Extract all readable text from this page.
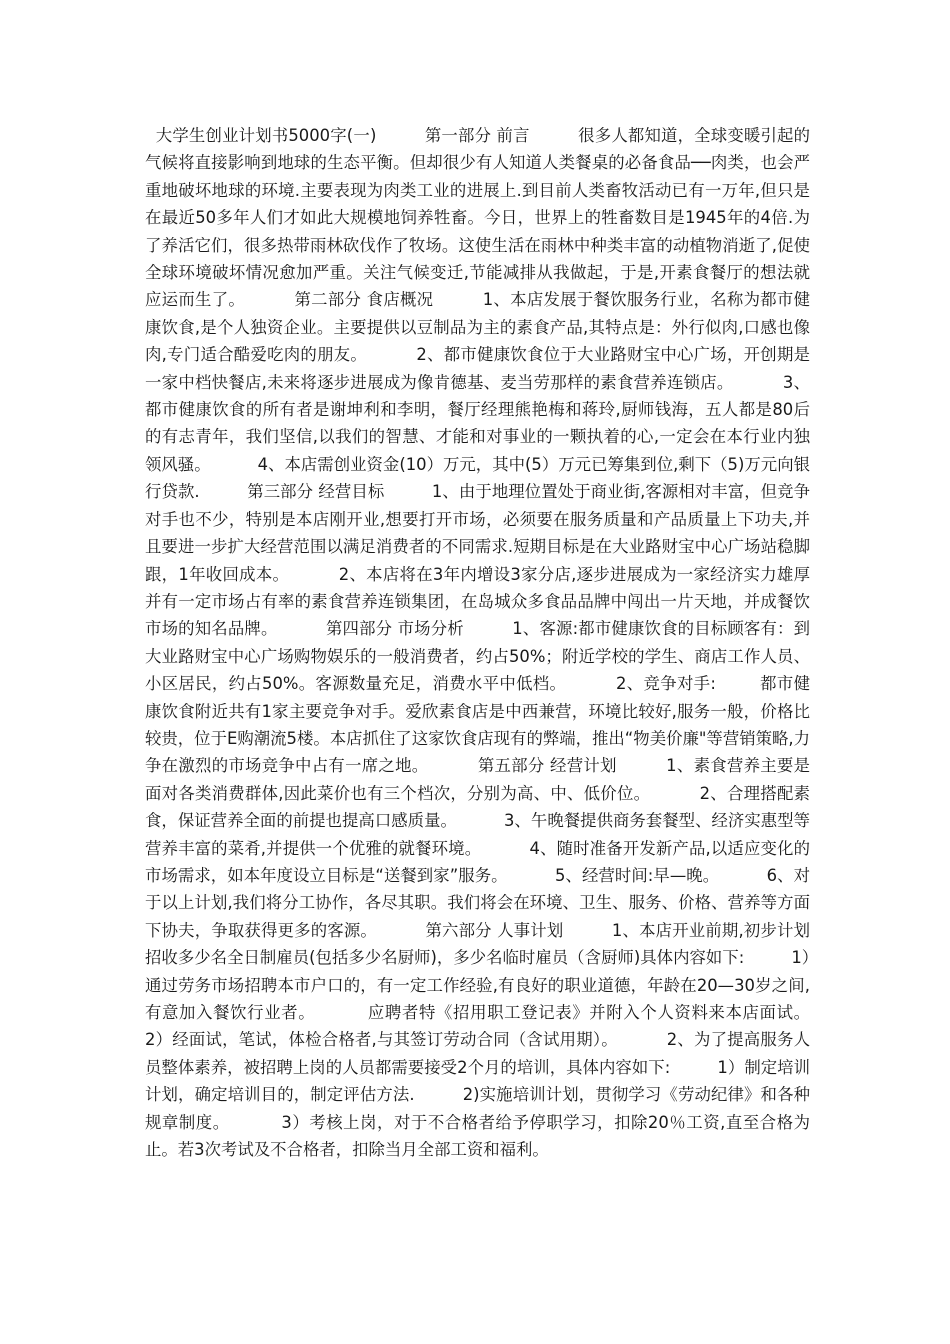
大学生创业计划书5000字(一)         第一部分 前言         很多人都知道，全球变暖引起的气候将直接影响到地球的生态平衡。但却很少有人知道人类餐桌的必备食品──肉类，也会严重地破坏地球的环境.主要表现为肉类工业的进展上.到目前人类畜牧活动已有一万年,但只是在最近50多年人们才如此大规模地饲养牲畜。今日，世界上的牲畜数目是1945年的4倍.为了养活它们，很多热带雨林砍伐作了牧场。这使生活在雨林中种类丰富的动植物消逝了,促使全球环境破坏情况愈加严重。关注气候变迁,节能减排从我做起，于是,开素食餐厅的想法就应运而生了。         第二部分 食店概况         1、本店发展于餐饮服务行业，名称为都市健康饮食,是个人独资企业。主要提供以豆制品为主的素食产品,其特点是：外行似肉,口感也像肉,专门适合酷爱吃肉的朋友。         2、都市健康饮食位于大业路财宝中心广场，开创期是一家中档快餐店,未来将逐步进展成为像肯德基、麦当劳那样的素食营养连锁店。         3、都市健康饮食的所有者是谢坤利和李明，餐厅经理熊艳梅和蒋玲,厨师钱海，五人都是80后的有志青年，我们坚信,以我们的智慧、才能和对事业的一颗执着的心,一定会在本行业内独领风骚。         4、本店需创业资金(10）万元，其中(5）万元已筹集到位,剩下（5)万元向银行贷款.         第三部分 经营目标         1、由于地理位置处于商业街,客源相对丰富，但竞争对手也不少，特别是本店刚开业,想要打开市场，必须要在服务质量和产品质量上下功夫,并且要进一步扩大经营范围以满足消费者的不同需求.短期目标是在大业路财宝中心广场站稳脚跟，1年收回成本。         2、本店将在3年内增设3家分店,逐步进展成为一家经济实力雄厚并有一定市场占有率的素食营养连锁集团，在岛城众多食品品牌中闯出一片天地，并成餐饮市场的知名品牌。         第四部分 市场分析         1、客源:都市健康饮食的目标顾客有：到大业路财宝中心广场购物娱乐的一般消费者，约占50%；附近学校的学生、商店工作人员、小区居民，约占50%。客源数量充足，消费水平中低档。         2、竞争对手:        都市健康饮食附近共有1家主要竞争对手。爱欣素食店是中西兼营，环境比较好,服务一般，价格比较贵，位于E购潮流5楼。本店抓住了这家饮食店现有的弊端，推出“物美价廉"等营销策略,力争在激烈的市场竞争中占有一席之地。         第五部分 经营计划         1、素食营养主要是面对各类消费群体,因此菜价也有三个档次，分别为高、中、低价位。         2、合理搭配素食，保证营养全面的前提也提高口感质量。         3、午晚餐提供商务套餐型、经济实惠型等营养丰富的菜肴,并提供一个优雅的就餐环境。         4、随时准备开发新产品,以适应变化的市场需求，如本年度设立目标是“送餐到家”服务。         5、经营时间:早—晚。         6、对于以上计划,我们将分工协作，各尽其职。我们将会在环境、卫生、服务、价格、营养等方面下协夫，争取获得更多的客源。         第六部分 人事计划         1、本店开业前期,初步计划招收多少名全日制雇员(包括多少名厨师)，多少名临时雇员（含厨师)具体内容如下:         1）通过劳务市场招聘本市户口的，有一定工作经验,有良好的职业道德，年龄在20—30岁之间,有意加入餐饮行业者。         应聘者特《招用职工登记表》并附入个人资料来本店面试。         2）经面试，笔试，体检合格者,与其签订劳动合同（含试用期）。         2、为了提高服务人员整体素养，被招聘上岗的人员都需要接受2个月的培训，具体内容如下:         1）制定培训计划，确定培训目的，制定评估方法.         2)实施培训计划，贯彻学习《劳动纪律》和各种规章制度。         3）考核上岗，对于不合格者给予停职学习，扣除20％工资,直至合格为止。若3次考试及不合格者，扣除当月全部工资和福利。
